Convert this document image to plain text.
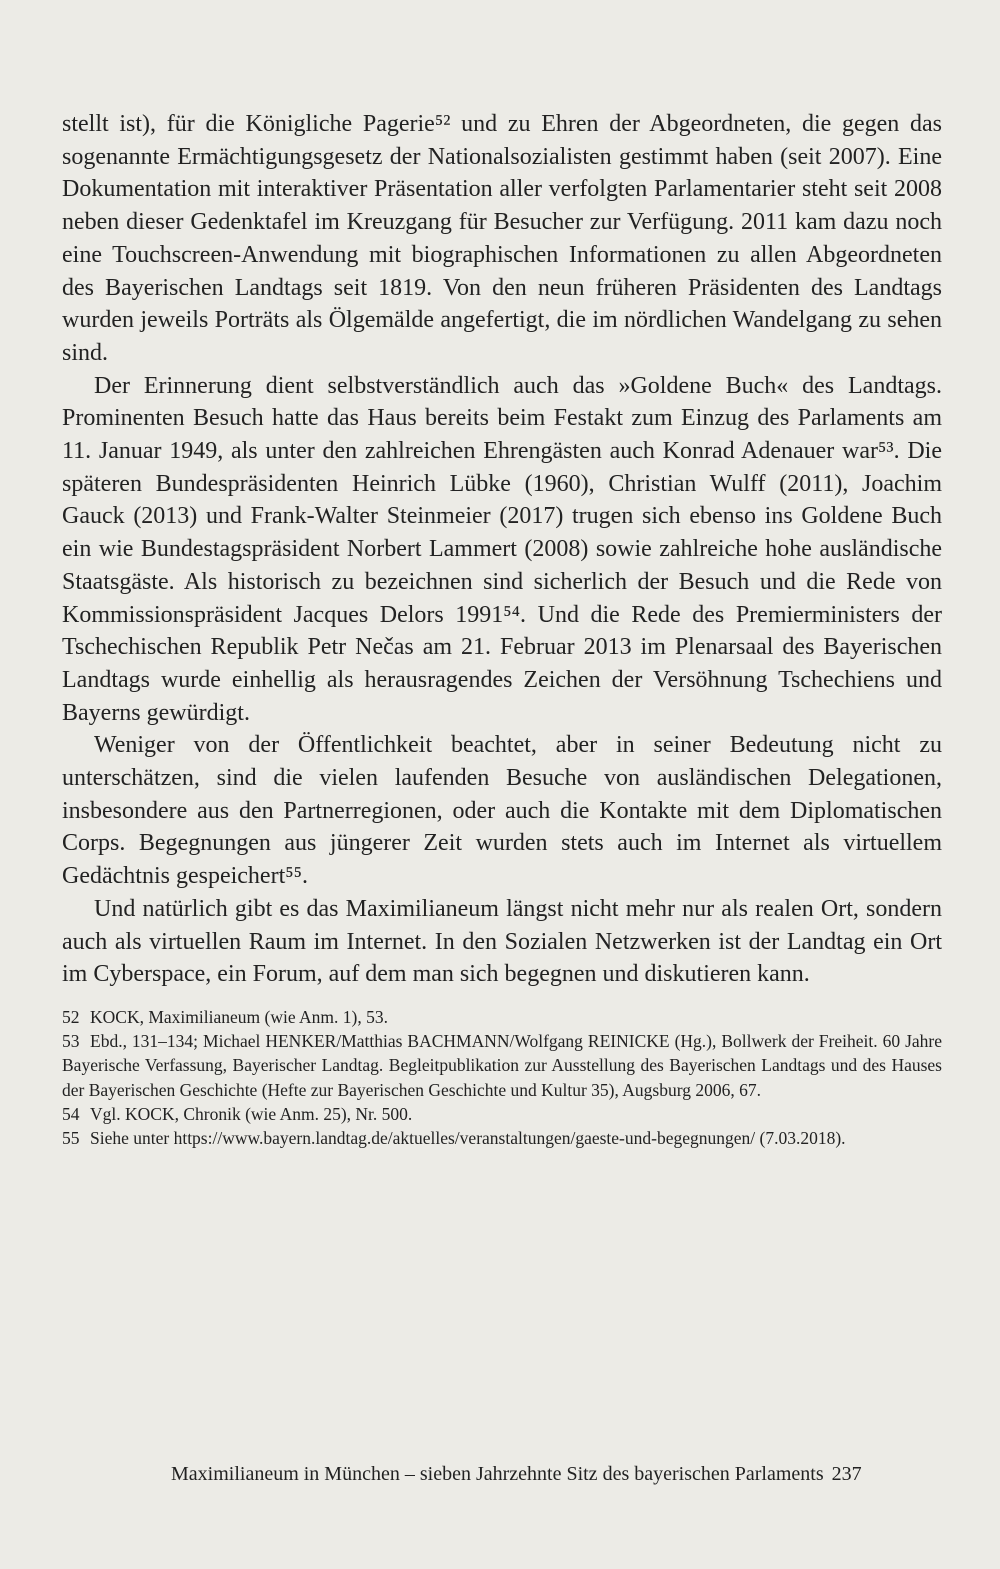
stellt ist), für die Königliche Pagerie⁵² und zu Ehren der Abgeordneten, die gegen das sogenannte Ermächtigungsgesetz der Nationalsozialisten gestimmt haben (seit 2007). Eine Dokumentation mit interaktiver Präsentation aller verfolgten Parlamentarier steht seit 2008 neben dieser Gedenktafel im Kreuzgang für Besucher zur Verfügung. 2011 kam dazu noch eine Touchscreen-Anwendung mit biographischen Informationen zu allen Abgeordneten des Bayerischen Landtags seit 1819. Von den neun früheren Präsidenten des Landtags wurden jeweils Porträts als Ölgemälde angefertigt, die im nördlichen Wandelgang zu sehen sind.

Der Erinnerung dient selbstverständlich auch das »Goldene Buch« des Landtags. Prominenten Besuch hatte das Haus bereits beim Festakt zum Einzug des Parlaments am 11. Januar 1949, als unter den zahlreichen Ehrengästen auch Konrad Adenauer war⁵³. Die späteren Bundespräsidenten Heinrich Lübke (1960), Christian Wulff (2011), Joachim Gauck (2013) und Frank-Walter Steinmeier (2017) trugen sich ebenso ins Goldene Buch ein wie Bundestagspräsident Norbert Lammert (2008) sowie zahlreiche hohe ausländische Staatsgäste. Als historisch zu bezeichnen sind sicherlich der Besuch und die Rede von Kommissionspräsident Jacques Delors 1991⁵⁴. Und die Rede des Premierministers der Tschechischen Republik Petr Nečas am 21. Februar 2013 im Plenarsaal des Bayerischen Landtags wurde einhellig als herausragendes Zeichen der Versöhnung Tschechiens und Bayerns gewürdigt.

Weniger von der Öffentlichkeit beachtet, aber in seiner Bedeutung nicht zu unterschätzen, sind die vielen laufenden Besuche von ausländischen Delegationen, insbesondere aus den Partnerregionen, oder auch die Kontakte mit dem Diplomatischen Corps. Begegnungen aus jüngerer Zeit wurden stets auch im Internet als virtuellem Gedächtnis gespeichert⁵⁵.

Und natürlich gibt es das Maximilianeum längst nicht mehr nur als realen Ort, sondern auch als virtuellen Raum im Internet. In den Sozialen Netzwerken ist der Landtag ein Ort im Cyberspace, ein Forum, auf dem man sich begegnen und diskutieren kann.

52 KOCK, Maximilianeum (wie Anm. 1), 53.

53 Ebd., 131–134; Michael HENKER/Matthias BACHMANN/Wolfgang REINICKE (Hg.), Bollwerk der Freiheit. 60 Jahre Bayerische Verfassung, Bayerischer Landtag. Begleitpublikation zur Ausstellung des Bayerischen Landtags und des Hauses der Bayerischen Geschichte (Hefte zur Bayerischen Geschichte und Kultur 35), Augsburg 2006, 67.

54 Vgl. KOCK, Chronik (wie Anm. 25), Nr. 500.

55 Siehe unter https://www.bayern.landtag.de/aktuelles/veranstaltungen/gaeste-und-begegnungen/ (7.03.2018).

Maximilianeum in München – sieben Jahrzehnte Sitz des bayerischen Parlaments 237
